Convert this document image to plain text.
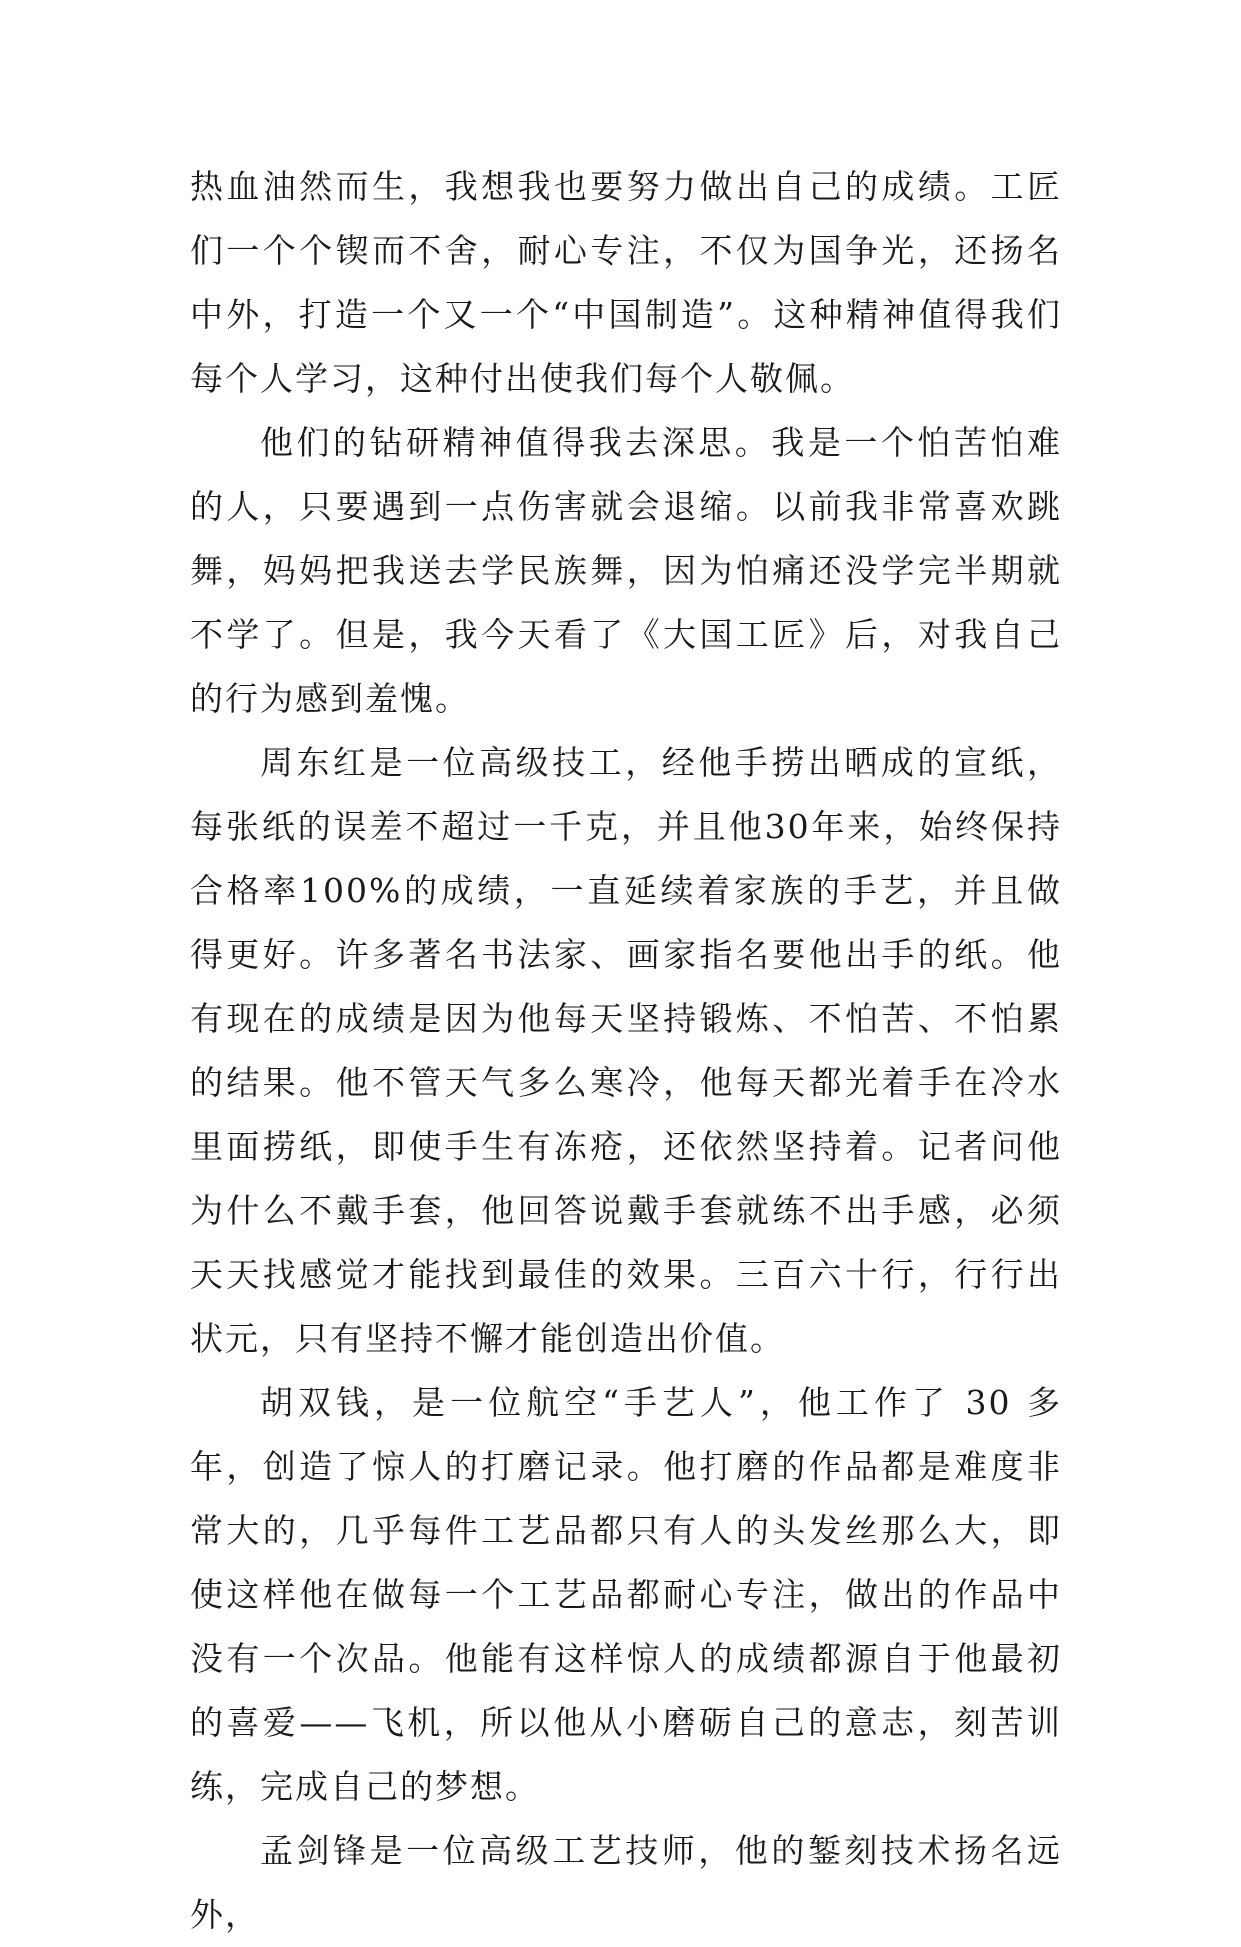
热血油然而生，我想我也要努力做出自己的成绩。工匠们一个个锲而不舍，耐心专注，不仅为国争光，还扬名中外，打造一个又一个“中国制造”。这种精神值得我们每个人学习，这种付出使我们每个人敬佩。

他们的钻研精神值得我去深思。我是一个怕苦怕难的人，只要遇到一点伤害就会退缩。以前我非常喜欢跳舞，妈妈把我送去学民族舞，因为怕痛还没学完半期就不学了。但是，我今天看了《大国工匠》后，对我自己的行为感到羞愧。

周东红是一位高级技工，经他手捞出晒成的宣纸，每张纸的误差不超过一千克，并且他30年来，始终保持合格率100%的成绩，一直延续着家族的手艺，并且做得更好。许多著名书法家、画家指名要他出手的纸。他有现在的成绩是因为他每天坚持锻炼、不怕苦、不怕累的结果。他不管天气多么寒冷，他每天都光着手在冷水里面捞纸，即使手生有冻疮，还依然坚持着。记者问他为什么不戴手套，他回答说戴手套就练不出手感，必须天天找感觉才能找到最佳的效果。三百六十行，行行出状元，只有坚持不懈才能创造出价值。

胡双钱，是一位航空“手艺人”，他工作了 30 多年，创造了惊人的打磨记录。他打磨的作品都是难度非常大的，几乎每件工艺品都只有人的头发丝那么大，即使这样他在做每一个工艺品都耐心专注，做出的作品中没有一个次品。他能有这样惊人的成绩都源自于他最初的喜爱——飞机，所以他从小磨砺自己的意志，刻苦训练，完成自己的梦想。

孟剑锋是一位高级工艺技师，他的錾刻技术扬名远外，
